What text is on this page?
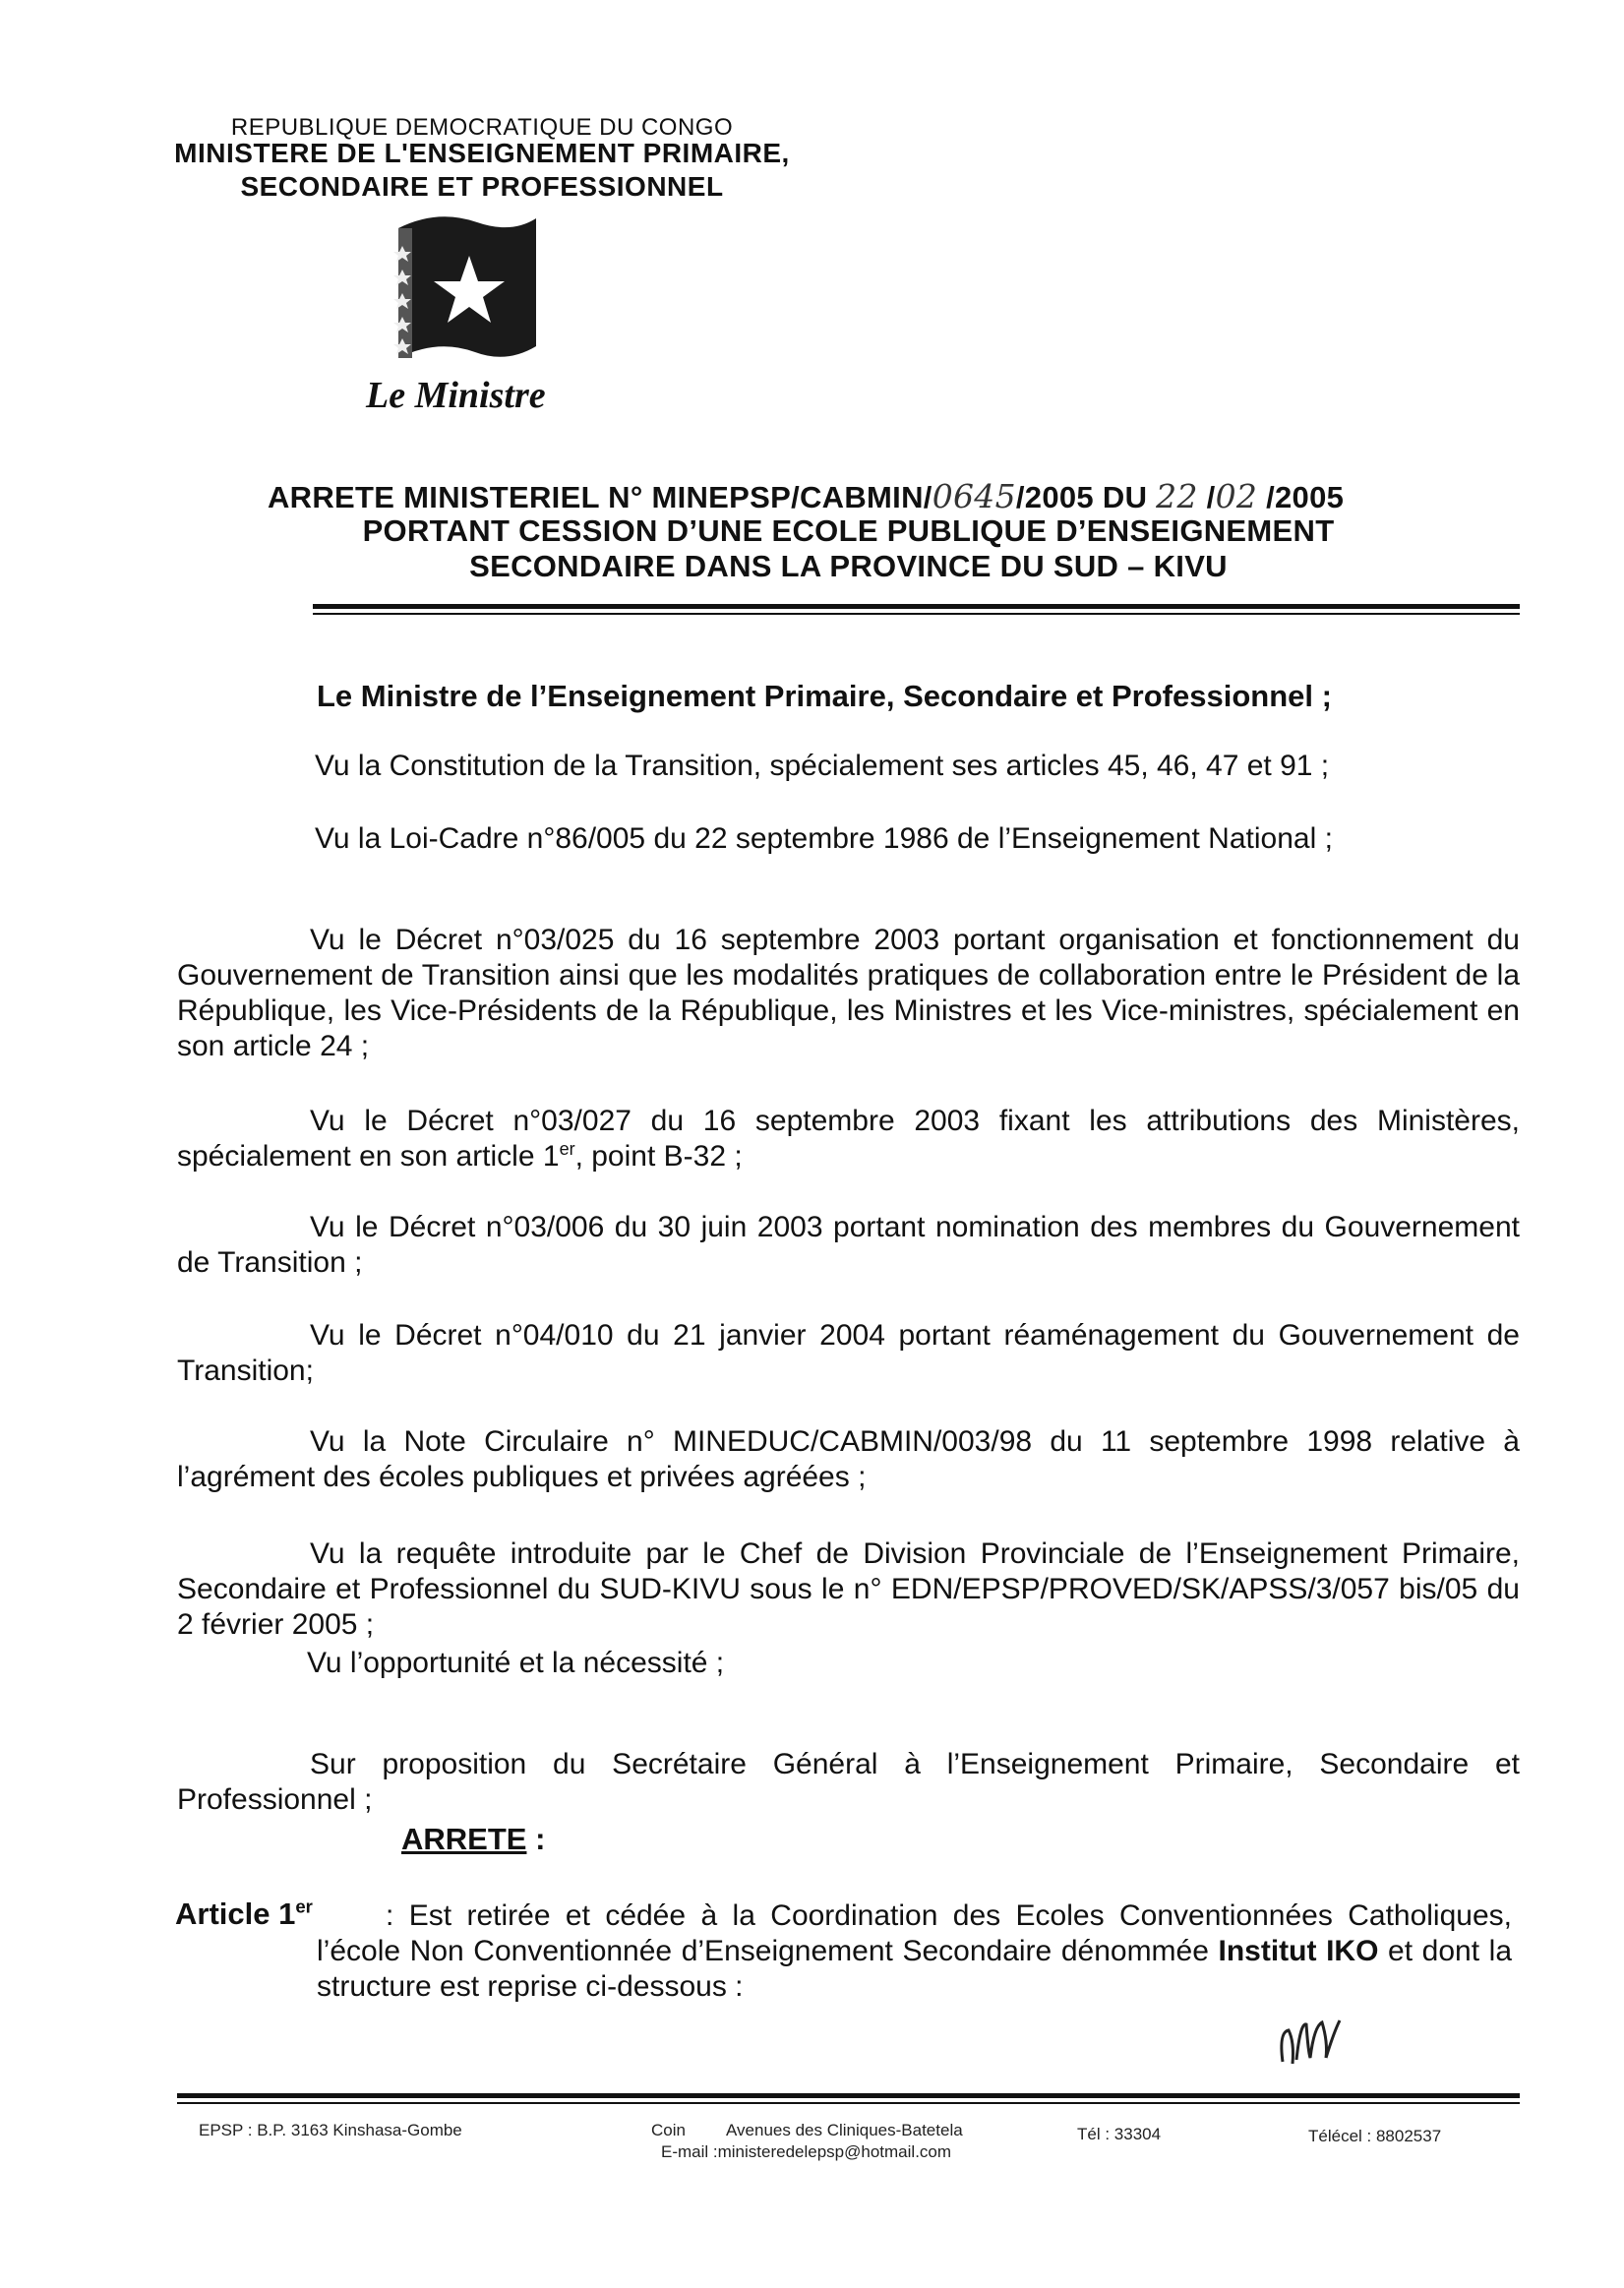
REPUBLIQUE DEMOCRATIQUE DU CONGO
MINISTERE DE L'ENSEIGNEMENT PRIMAIRE,
SECONDAIRE ET PROFESSIONNEL
Le Ministre
ARRETE MINISTERIEL N° MINEPSP/CABMIN/0645/2005 DU 22 /02 /2005
PORTANT CESSION D’UNE ECOLE PUBLIQUE D’ENSEIGNEMENT
SECONDAIRE DANS LA PROVINCE DU SUD – KIVU
Le Ministre de l’Enseignement Primaire, Secondaire et Professionnel ;
Vu la Constitution de la Transition, spécialement ses articles 45, 46, 47 et 91 ;
Vu la Loi-Cadre n°86/005 du 22 septembre 1986 de l’Enseignement National ;

Vu le Décret n°03/025 du 16 septembre 2003 portant organisation et fonctionnement du Gouvernement de Transition ainsi que les modalités pratiques de collaboration entre le Président de la République, les Vice-Présidents de la République, les Ministres et les Vice-ministres, spécialement en son article 24 ;

Vu le Décret n°03/027 du 16 septembre 2003 fixant les attributions des Ministères, spécialement en son article 1er, point B-32 ;

Vu le Décret n°03/006 du 30 juin 2003 portant nomination des membres du Gouvernement de Transition ;

Vu le Décret n°04/010 du 21 janvier 2004 portant réaménagement du Gouvernement de Transition;

Vu la Note Circulaire n° MINEDUC/CABMIN/003/98 du 11 septembre 1998 relative à l’agrément des écoles publiques et privées agréées ;

Vu la requête introduite par le Chef de Division Provinciale de l’Enseignement Primaire, Secondaire et Professionnel du SUD-KIVU sous le n° EDN/EPSP/PROVED/SK/APSS/3/057 bis/05 du 2 février 2005 ;

Vu l’opportunité et la nécessité ;

Sur proposition du Secrétaire Général à l’Enseignement Primaire, Secondaire et Professionnel ;

ARRETE :
Article 1er	: Est retirée et cédée à la Coordination des Ecoles Conventionnées Catholiques, l’école Non Conventionnée d’Enseignement Secondaire dénommée Institut IKO et dont la structure est reprise ci-dessous :
EPSP : B.P. 3163 Kinshasa-Gombe	Coin Avenues des Cliniques-Batetela
E-mail :ministeredelepsp@hotmail.com
Tél : 33304	Télécel : 8802537
